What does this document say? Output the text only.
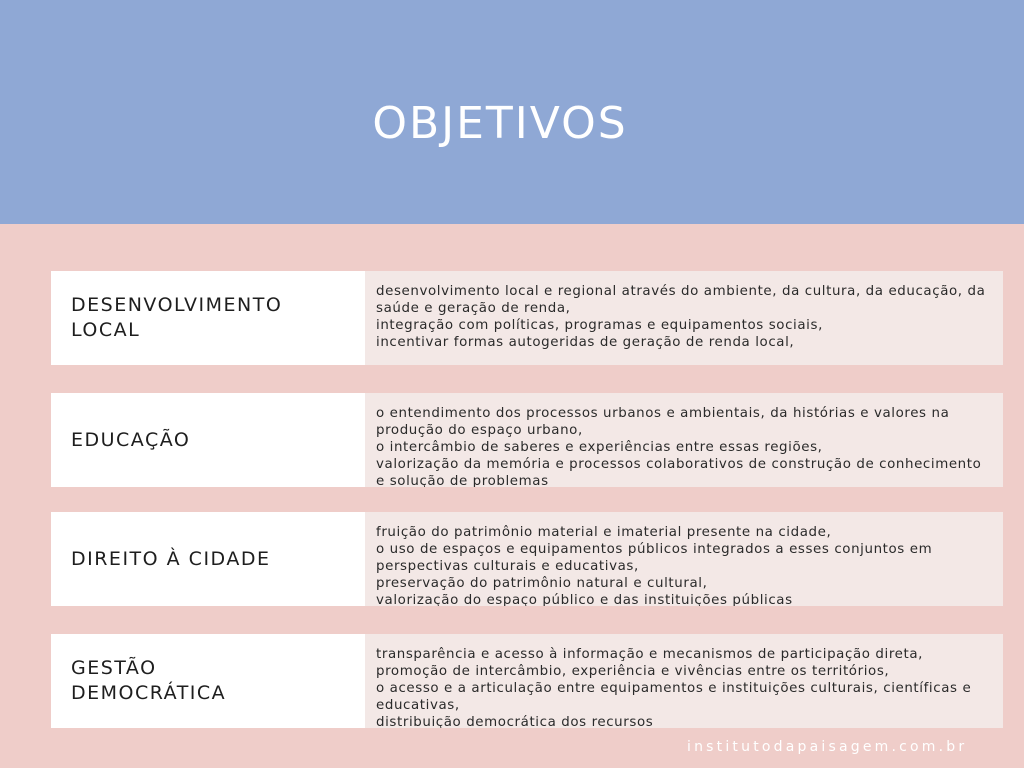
OBJETIVOS
DESENVOLVIMENTO
LOCAL
desenvolvimento local e regional através do ambiente, da cultura, da educação, da saúde e geração de renda,
integração com políticas, programas e equipamentos sociais,
incentivar formas autogeridas de geração de renda local,
EDUCAÇÃO
o entendimento dos processos urbanos e ambientais, da histórias e valores na produção do espaço urbano,
o intercâmbio de saberes e experiências entre essas regiões,
valorização da memória e processos colaborativos de construção de conhecimento e solução de problemas
DIREITO À CIDADE
fruição do patrimônio material e imaterial presente na cidade,
o uso de espaços e equipamentos públicos integrados a esses conjuntos em perspectivas culturais e educativas,
preservação do patrimônio natural e cultural,
valorização do espaço público e das instituições públicas
GESTÃO
DEMOCRÁTICA
transparência e acesso à informação e mecanismos de participação direta,
promoção de intercâmbio, experiência e vivências entre os territórios,
o acesso e a articulação entre equipamentos e instituições culturais, científicas e educativas,
distribuição democrática dos recursos
institutodapaisagem.com.br
